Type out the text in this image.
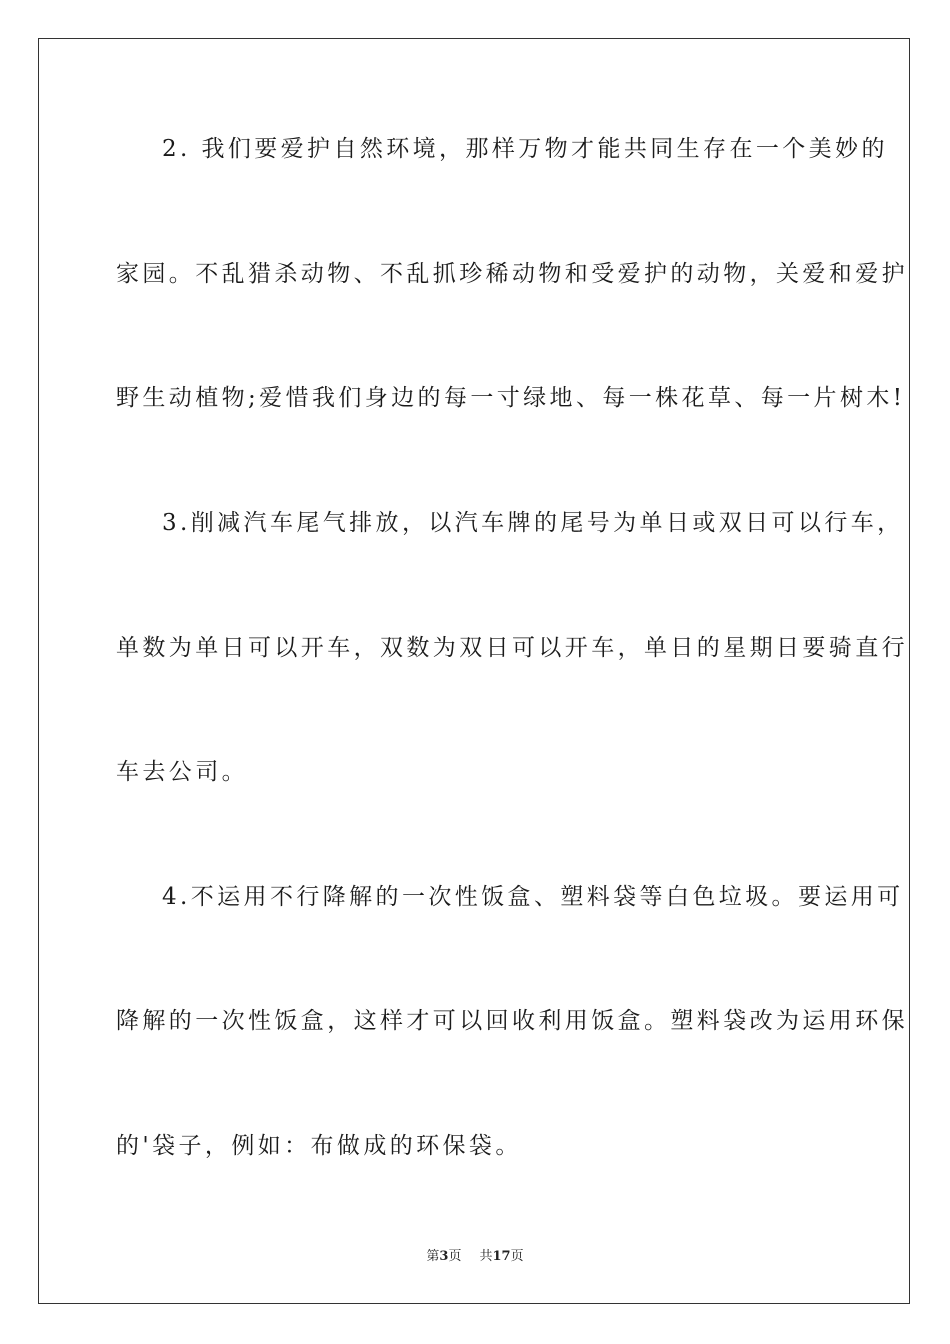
2. 我们要爱护自然环境，那样万物才能共同生存在一个美妙的
家园。不乱猎杀动物、不乱抓珍稀动物和受爱护的动物，关爱和爱护
野生动植物;爱惜我们身边的每一寸绿地、每一株花草、每一片树木!
3.削减汽车尾气排放，以汽车牌的尾号为单日或双日可以行车，
单数为单日可以开车，双数为双日可以开车，单日的星期日要骑直行
车去公司。
4.不运用不行降解的一次性饭盒、塑料袋等白色垃圾。要运用可
降解的一次性饭盒，这样才可以回收利用饭盒。塑料袋改为运用环保
的'袋子，例如：布做成的环保袋。
第3页 共17页
